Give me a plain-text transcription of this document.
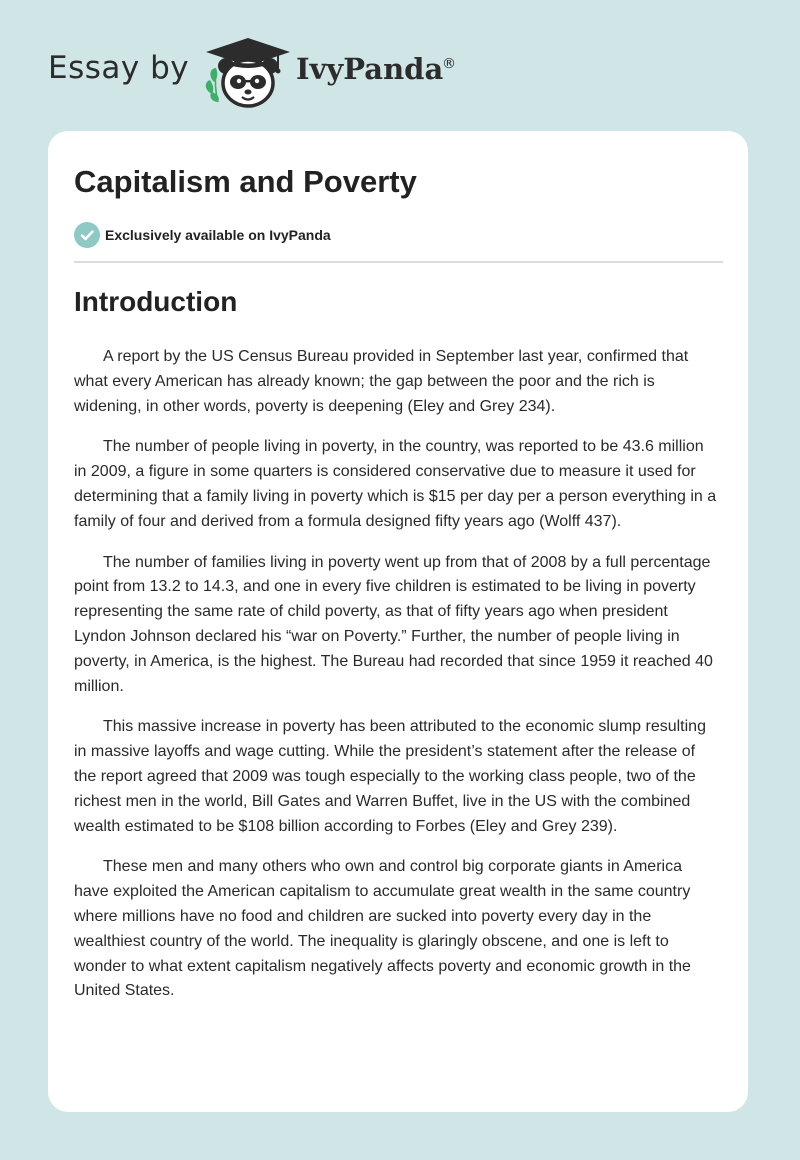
Essay by	IvyPanda
®
Capitalism and Poverty
Exclusively available on IvyPanda
Introduction

A report by the US Census Bureau provided in September last year, confirmed that what every American has already known; the gap between the poor and the rich is widening, in other words, poverty is deepening (Eley and Grey 234).

The number of people living in poverty, in the country, was reported to be 43.6 million in 2009, a figure in some quarters is considered conservative due to measure it used for determining that a family living in poverty which is $15 per day per a person everything in a family of four and derived from a formula designed fifty years ago (Wolff 437).

The number of families living in poverty went up from that of 2008 by a full percentage point from 13.2 to 14.3, and one in every five children is estimated to be living in poverty representing the same rate of child poverty, as that of fifty years ago when president Lyndon Johnson declared his “war on Poverty.” Further, the number of people living in poverty, in America, is the highest. The Bureau had recorded that since 1959 it reached 40 million.

This massive increase in poverty has been attributed to the economic slump resulting in massive layoffs and wage cutting. While the president’s statement after the release of the report agreed that 2009 was tough especially to the working class people, two of the richest men in the world, Bill Gates and Warren Buffet, live in the US with the combined wealth estimated to be $108 billion according to Forbes (Eley and Grey 239).

These men and many others who own and control big corporate giants in America have exploited the American capitalism to accumulate great wealth in the same country where millions have no food and children are sucked into poverty every day in the wealthiest country of the world. The inequality is glaringly obscene, and one is left to wonder to what extent capitalism negatively affects poverty and economic growth in the United States.
